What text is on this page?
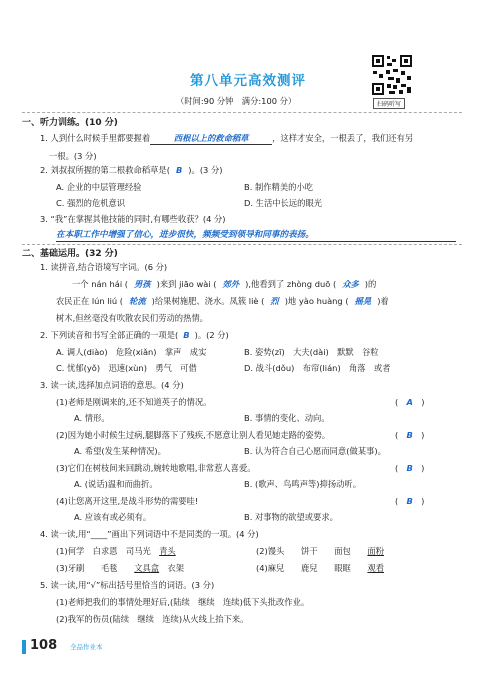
第八单元高效测评
（时间:90 分钟　满分:100 分）	扫码听写
一、听力训练。(10 分)
1. 人到什么时候手里都要握着	西根以上的救命稻草	，这样才安全，一根丢了，我们还有另
一根。(3 分)
2. 刘叔叔所握的第二根救命稻草是( B )。(3 分)
A. 企业的中层管理经验	B. 制作精美的小吃
C. 强烈的危机意识	D. 生活中长远的眼光
3. “我”在掌握其他技能的同时,有哪些收获？(4 分)
在本职工作中增强了信心，进步很快，频频受到领导和同事的表扬。
二、基础运用。(32 分)
1. 读拼音,结合语境写字词。(6 分)
一个 nán hái ( 男孩 )来到 jiāo wài ( 郊外 ),他看到了 zhòng duō ( 众多 )的
农民正在 lún liú ( 轮流 )给果树施肥、浇水。凤簇 liè ( 烈 )地 yào huàng ( 摇晃 )着
树木,但丝毫没有吹散农民们劳动的热情。
2. 下列读音和书写全部正确的一项是( B )。(2 分)
A. 调人(diào)　 危险(xiǎn)　 掌声　 成实	B. 姿势(zī)　 大夫(dài)　 默默　 谷粒
C. 忧郁(yǒ)　 迅速(xùn)　 勇气　 可借	D. 战斗(dǒu)　 布帘(lián)　 角落　 或者
3. 读一读,选择加点词语的意思。(4 分)
(1)老师是刚调来的,还不知道英子的情况。	(　A　)
A. 情形。	B. 事情的变化、动向。
(2)因为她小时候生过病,腿脚落下了残疾,不愿意让别人看见她走路的姿势。	(　B　)
A. 希望(发生某种情况)。	B. 认为符合自己心愿而同意(做某事)。
(3)它们在树枝间来回跳动,婉转地歌唱,非常惹人喜爱。	(　B　)
A. (说话)温和而曲折。	B. (歌声、鸟鸣声等)抑扬动听。
(4)让您离开这里,是战斗形势的需要哇!	(　B　)
A. 应该有或必须有。	B. 对事物的欲望或要求。
4. 读一读,用“____”画出下列词语中不是同类的一项。(4 分)
(1)何学　 白求恩　 司马光　 青头	(2)馒头　　 饼干　　 面包　　 面粉
(3)牙刷　　 毛毯　　 文具盒　 衣架	(4)麻兒　　 鹿兒　　 眼眶　　 观看
5. 读一读,用“√”标出括号里恰当的词语。(3 分)
(1)老师把我们的事情处理好后,(陆续　继续　连续)低下头批改作业。
(2)我军的伤员(陆续　继续　连续)从火线上抬下来。
108 全品作业本
